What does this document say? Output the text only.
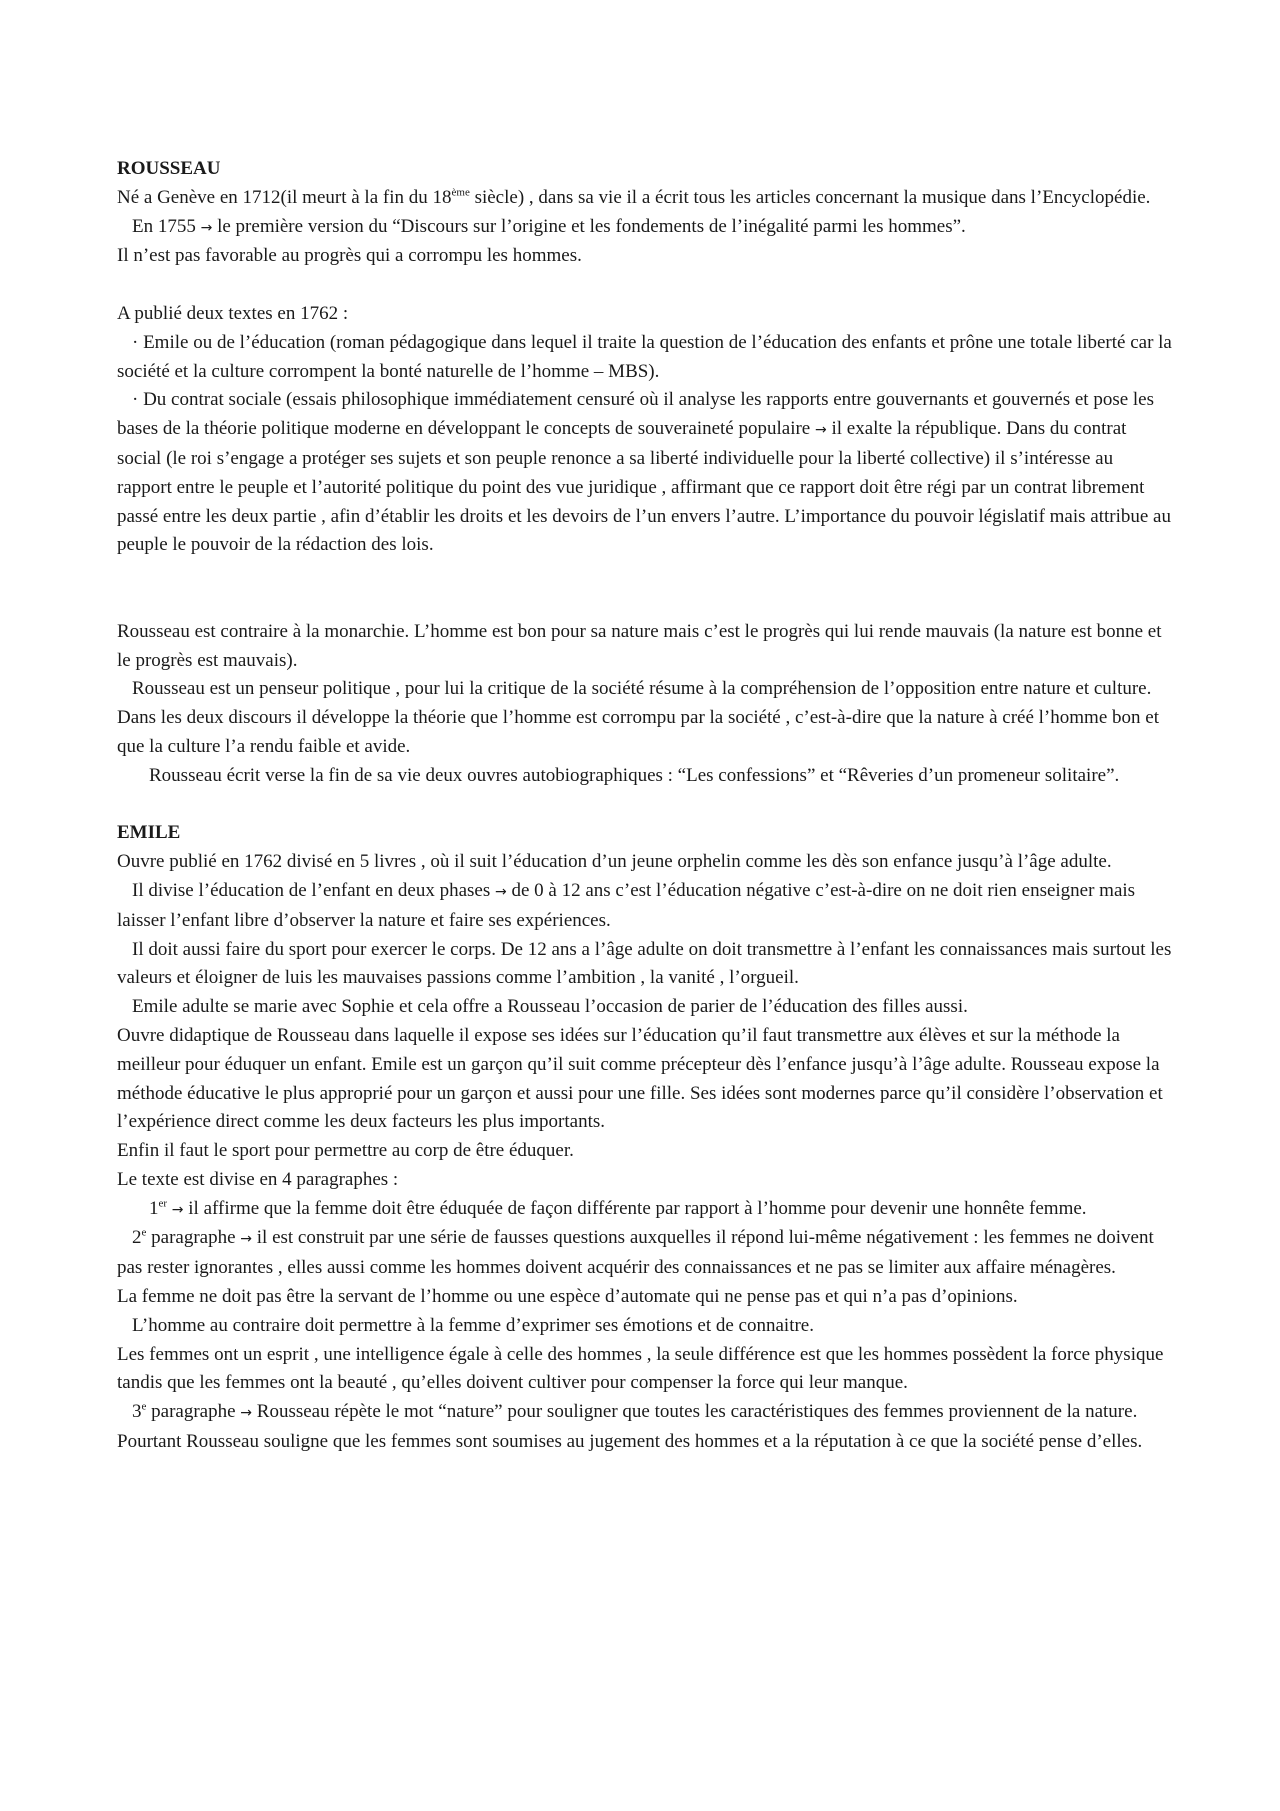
ROUSSEAU

Né a Genève en 1712(il meurt à la fin du 18ème siècle) , dans sa vie il a écrit tous les articles concernant la musique dans l’Encyclopédie.

En 1755 → le première version du “Discours sur l’origine et les fondements de l’inégalité parmi les hommes”.

Il n’est pas favorable au progrès qui a corrompu les hommes.

A publié deux textes en 1762 :

· Emile ou de l’éducation (roman pédagogique dans lequel il traite la question de l’éducation des enfants et prône une totale liberté car la société et la culture corrompent la bonté naturelle de l’homme – MBS).

· Du contrat sociale (essais philosophique immédiatement censuré où il analyse les rapports entre gouvernants et gouvernés et pose les bases de la théorie politique moderne en développant le concepts de souveraineté populaire → il exalte la république. Dans du contrat social (le roi s’engage a protéger ses sujets et son peuple renonce a sa liberté individuelle pour la liberté collective) il s’intéresse au rapport entre le peuple et l’autorité politique du point des vue juridique , affirmant que ce rapport doit être régi par un contrat librement passé entre les deux partie , afin d’établir les droits et les devoirs de l’un envers l’autre. L’importance du pouvoir législatif mais attribue au peuple le pouvoir de la rédaction des lois.

Rousseau est contraire à la monarchie. L’homme est bon pour sa nature mais c’est le progrès qui lui rende mauvais (la nature est bonne et le progrès est mauvais).

Rousseau est un penseur politique , pour lui la critique de la société résume à la compréhension de l’opposition entre nature et culture. Dans les deux discours il développe la théorie que l’homme est corrompu par la société , c’est-à-dire que la nature à créé l’homme bon et que la culture l’a rendu faible et avide.

Rousseau écrit verse la fin de sa vie deux ouvres autobiographiques : “Les confessions” et “Rêveries d’un promeneur solitaire”.

EMILE

Ouvre publié en 1762 divisé en 5 livres , où il suit l’éducation d’un jeune orphelin comme les dès son enfance jusqu’à l’âge adulte.

Il divise l’éducation de l’enfant en deux phases → de 0 à 12 ans c’est l’éducation négative c’est-à-dire on ne doit rien enseigner mais laisser l’enfant libre d’observer la nature et faire ses expériences.

Il doit aussi faire du sport pour exercer le corps. De 12 ans a l’âge adulte on doit transmettre à l’enfant les connaissances mais surtout les valeurs et éloigner de luis les mauvaises passions comme l’ambition , la vanité , l’orgueil.

Emile adulte se marie avec Sophie et cela offre a Rousseau l’occasion de parier de l’éducation des filles aussi.

Ouvre didaptique de Rousseau dans laquelle il expose ses idées sur l’éducation qu’il faut transmettre aux élèves et sur la méthode la meilleur pour éduquer un enfant. Emile est un garçon qu’il suit comme précepteur dès l’enfance jusqu’à l’âge adulte. Rousseau expose la méthode éducative le plus approprié pour un garçon et aussi pour une fille. Ses idées sont modernes parce qu’il considère l’observation et l’expérience direct comme les deux facteurs les plus importants.

Enfin il faut le sport pour permettre au corp de être éduquer.

Le texte est divise en 4 paragraphes :

1er → il affirme que la femme doit être éduquée de façon différente par rapport à l’homme pour devenir une honnête femme.

2e paragraphe → il est construit par une série de fausses questions auxquelles il répond lui-même négativement : les femmes ne doivent pas rester ignorantes , elles aussi comme les hommes doivent acquérir des connaissances et ne pas se limiter aux affaire ménagères.

La femme ne doit pas être la servant de l’homme ou une espèce d’automate qui ne pense pas et qui n’a pas d’opinions.

L’homme au contraire doit permettre à la femme d’exprimer ses émotions et de connaitre.

Les femmes ont un esprit , une intelligence égale à celle des hommes , la seule différence est que les hommes possèdent la force physique tandis que les femmes ont la beauté , qu’elles doivent cultiver pour compenser la force qui leur manque.

3e paragraphe → Rousseau répète le mot “nature” pour souligner que toutes les caractéristiques des femmes proviennent de la nature. Pourtant Rousseau souligne que les femmes sont soumises au jugement des hommes et a la réputation à ce que la société pense d’elles.
